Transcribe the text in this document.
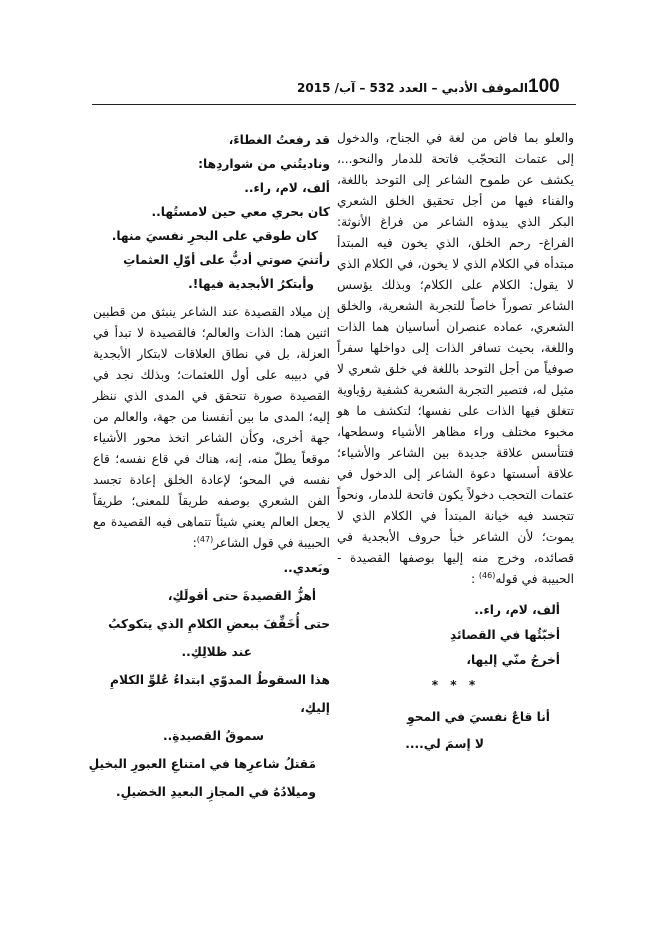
100
الموقف الأدبي – العدد 532 – آب/ 2015

والعلو بما فاض من لغة في الجناح، والدخول إلى عتمات التحجّب فاتحة للدمار والنحو...، يكشف عن طموح الشاعر إلى التوحد باللغة، والفناء فيها من أجل تحقيق الخلق الشعري البكر الذي يبدؤه الشاعر من فراغ الأنوثة: الفراغ- رحم الخلق، الذي يخون فيه المبتدأ مبتدأه في الكلام الذي لا يخون، في الكلام الذي لا يقول: الكلام على الكلام؛ وبذلك يؤسس الشاعر تصوراً خاصاً للتجربة الشعرية، والخلق الشعري، عماده عنصران أساسيان هما الذات واللغة، بحيث تسافر الذات إلى دواخلها سفراً صوفياً من أجل التوحد باللغة في خلق شعري لا مثيل له، فتصير التجربة الشعرية كشفية رؤياوية تتغلق فيها الذات على نفسها؛ لتكشف ما هو مخبوء مختلف وراء مظاهر الأشياء وسطحها، فتتأسس علاقة جديدة بين الشاعر والأشياء؛ علاقة أسستها دعوة الشاعر إلى الدخول في عتمات التحجب دخولاً يكون فاتحة للدمار، ونحواً تتجسد فيه خيانة المبتدأ في الكلام الذي لا يموت؛ لأن الشاعر خبأ حروف الأبجدية في قصائده، وخرج منه إليها بوصفها القصيدة - الحبيبة في قوله$^{(46)}$ :

ألف، لام، راء..
أخبّئُها في القصائدِ
أخرجُ منّي إليها،
* * *
أنا قاعٌ نفسيَ في المحوِ
لا إسمَ لي....
قد رفعتُ الغطاءَ،
وناديتُني من شواردِها:
ألف، لام، راء..
كان بحري معي حين لامستُها..
كان طوقي على البحرِ نفسيَ منها.
رأتنيَ صوتي أدبُّ على أوّلِ العثماتِ
وأبتكرُ الأبجدية فيها!.

إن ميلاد القصيدة عند الشاعر ينبثق من قطبين اثنين هما: الذات والعالم؛ فالقصيدة لا تبدأ في العزلة، بل في نطاق العلاقات لابتكار الأبجدية في دبيبه على أول اللعثمات؛ وبذلك نجد في القصيدة صورة تتحقق في المدى الذي ننظر إليه؛ المدى ما بين أنفسنا من جهة، والعالم من جهة أخرى، وكأن الشاعر اتخذ محور الأشياء موقعاً يطلّ منه، إنه، هناك في قاع نفسه؛ قاع نفسه في المحو؛ لإعادة الخلق إعادة تجسد الفن الشعري بوصفه طريقاً للمعنى؛ طريقاً يجعل العالم يعني شيئاً تتماهى فيه القصيدة مع الحبيبة في قول الشاعر$^{(47)}$:

وبَعدي..
أهزُّ القصيدةَ حتى أقولَكِ،
حتى أُخَفِّفَ ببعضِ الكلامِ الذي يتكوكبُ
عند ظلالِكِ..
هذا السقوطُ المدوّي ابتداءُ عُلوِّ الكلامِ
إليكِ،
سموقُ القصيدةِ..
مَقتلُ شاعرِها في امتناعِ العبورِ البخيلِ
وميلادُهُ في المجازِ البعيدِ الخضيلِ.
